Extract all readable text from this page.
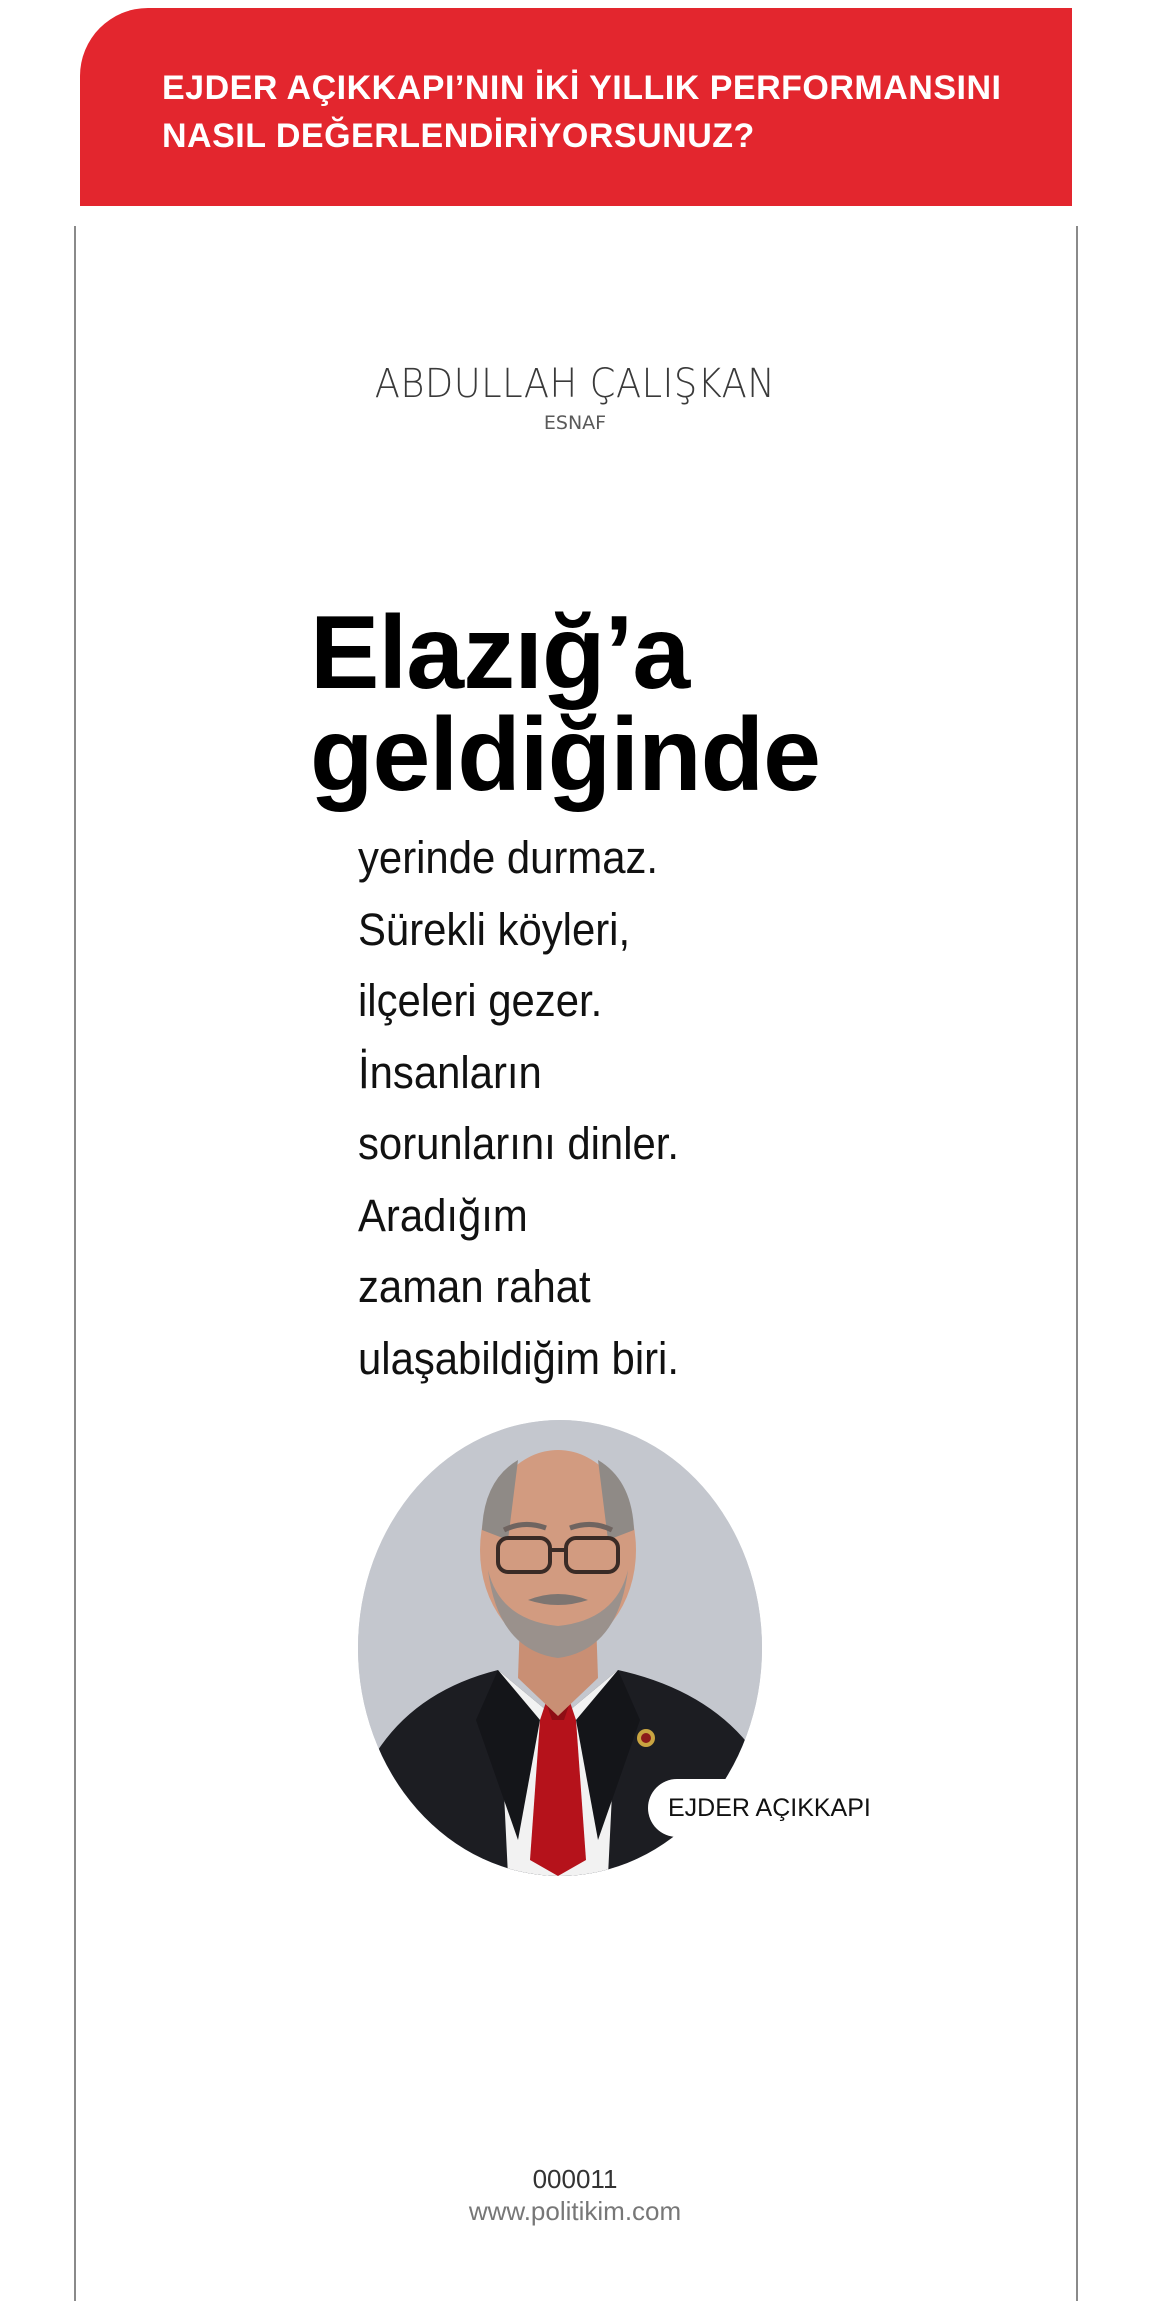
EJDER AÇIKKAPI’NIN İKİ YILLIK PERFORMANSINI
NASIL DEĞERLENDİRİYORSUNUZ?
ABDULLAH ÇALIŞKAN
ESNAF
Elazığ’a
geldiğinde
yerinde durmaz.
Sürekli köyleri,
ilçeleri gezer.
İnsanların
sorunlarını dinler.
Aradığım
zaman rahat
ulaşabildiğim biri.
EJDER AÇIKKAPI
000011
www.politikim.com
